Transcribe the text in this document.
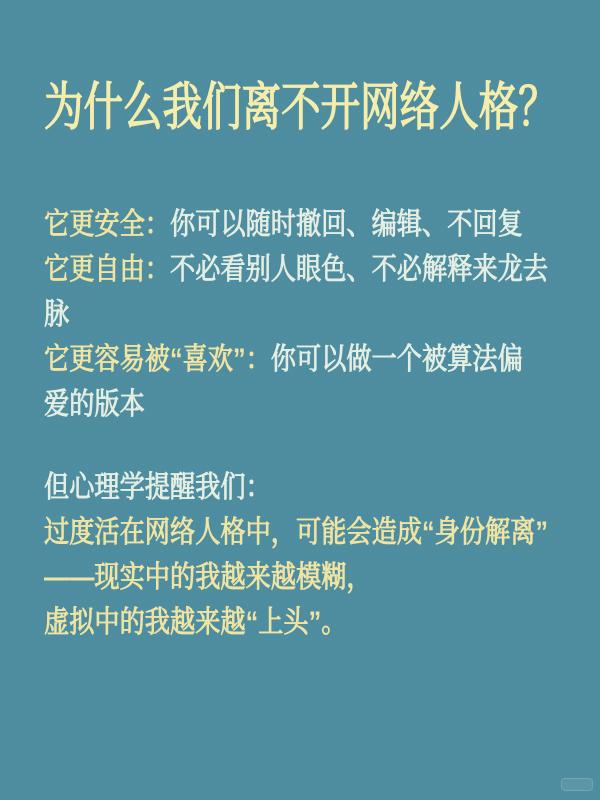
为什么我们离不开网络人格？
它更安全：你可以随时撤回、编辑、不回复
它更自由：不必看别人眼色、不必解释来龙去
脉
它更容易被“喜欢”：你可以做一个被算法偏
爱的版本
但心理学提醒我们：
过度活在网络人格中，可能会造成“身份解离”
——现实中的我越来越模糊，
虚拟中的我越来越“上头”。
